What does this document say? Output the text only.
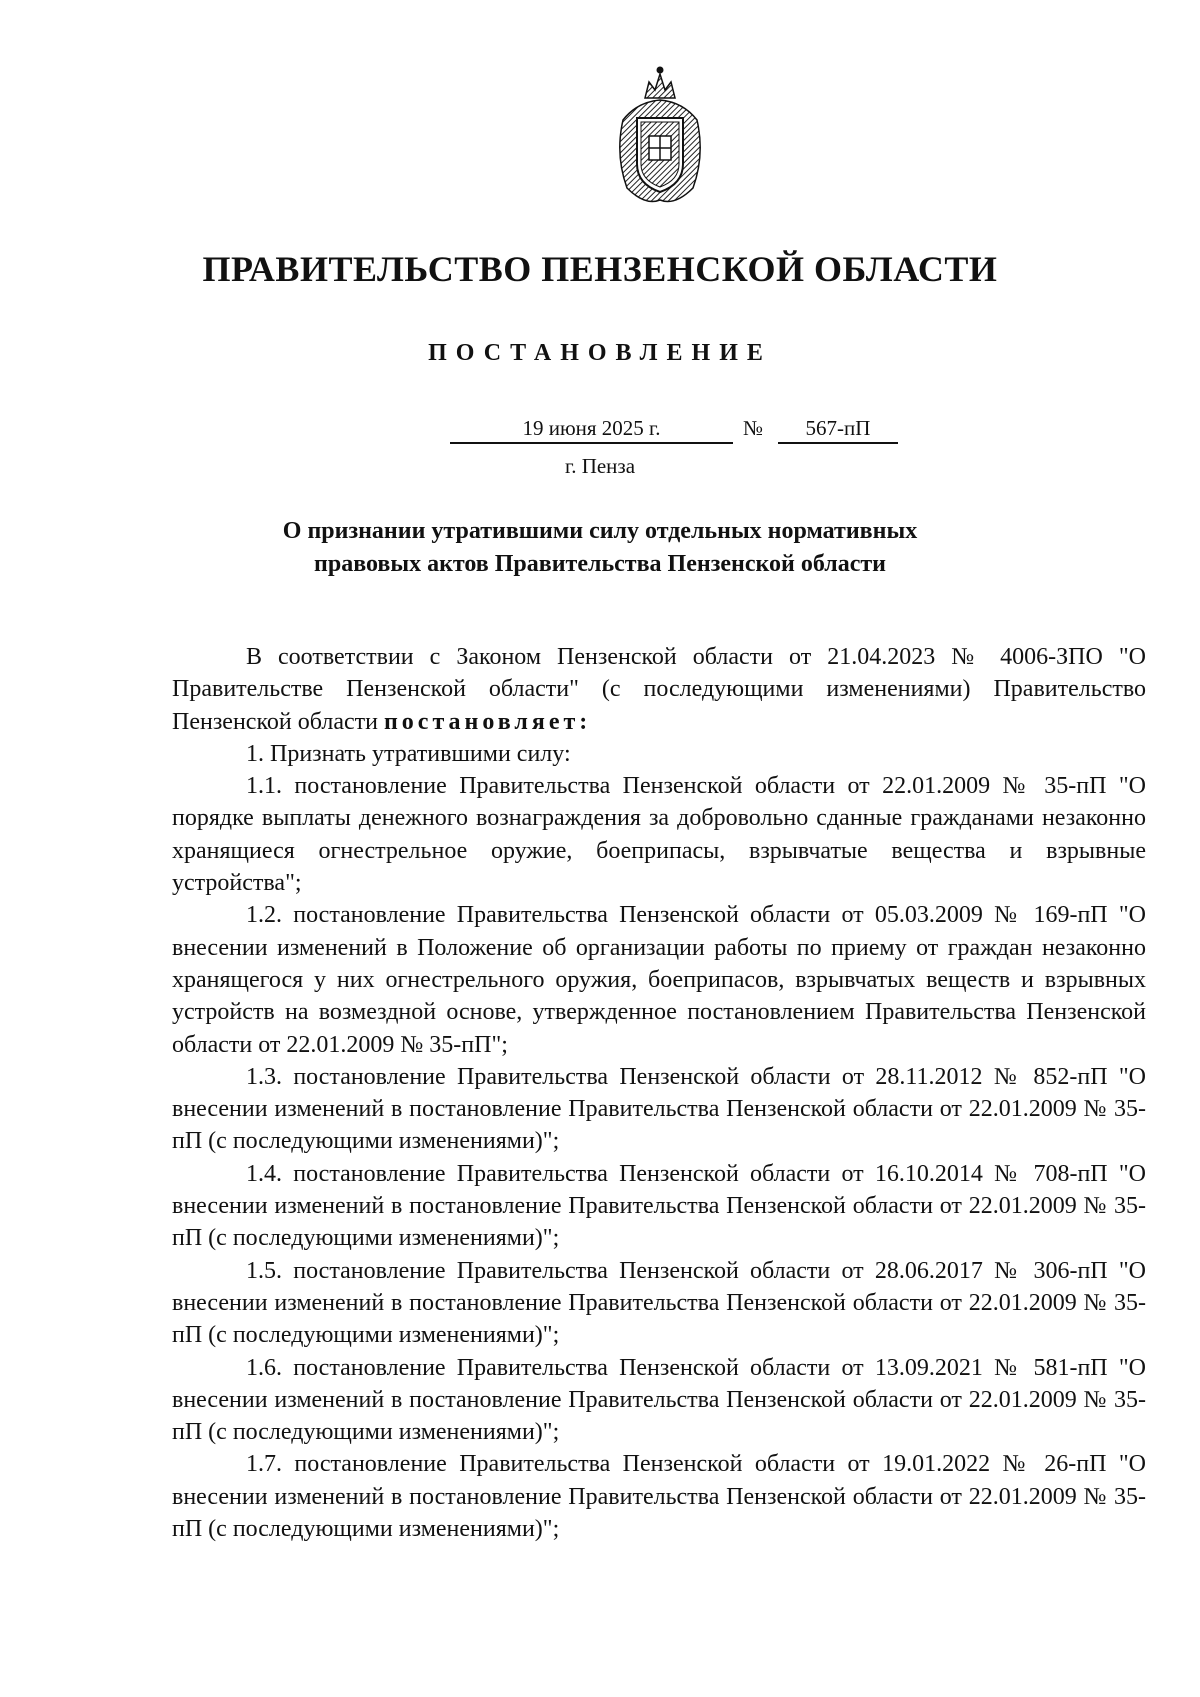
ПРАВИТЕЛЬСТВО ПЕНЗЕНСКОЙ ОБЛАСТИ
ПОСТАНОВЛЕНИЕ
19 июня 2025 г.	№	567-пП
г. Пенза
О признании утратившими силу отдельных нормативных
правовых актов Правительства Пензенской области

В соответствии с Законом Пензенской области от 21.04.2023 № 4006-ЗПО "О Правительстве Пензенской области" (с последующими изменениями) Правительство Пензенской области постановляет:

1. Признать утратившими силу:

1.1. постановление Правительства Пензенской области от 22.01.2009 № 35-пП "О порядке выплаты денежного вознаграждения за добровольно сданные гражданами незаконно хранящиеся огнестрельное оружие, боеприпасы, взрывчатые вещества и взрывные устройства";

1.2. постановление Правительства Пензенской области от 05.03.2009 № 169-пП "О внесении изменений в Положение об организации работы по приему от граждан незаконно хранящегося у них огнестрельного оружия, боеприпасов, взрывчатых веществ и взрывных устройств на возмездной основе, утвержденное постановлением Правительства Пензенской области от 22.01.2009 № 35-пП";

1.3. постановление Правительства Пензенской области от 28.11.2012 № 852-пП "О внесении изменений в постановление Правительства Пензенской области от 22.01.2009 № 35-пП (с последующими изменениями)";

1.4. постановление Правительства Пензенской области от 16.10.2014 № 708-пП "О внесении изменений в постановление Правительства Пензенской области от 22.01.2009 № 35-пП (с последующими изменениями)";

1.5. постановление Правительства Пензенской области от 28.06.2017 № 306-пП "О внесении изменений в постановление Правительства Пензенской области от 22.01.2009 № 35-пП (с последующими изменениями)";

1.6. постановление Правительства Пензенской области от 13.09.2021 № 581-пП "О внесении изменений в постановление Правительства Пензенской области от 22.01.2009 № 35-пП (с последующими изменениями)";

1.7. постановление Правительства Пензенской области от 19.01.2022 № 26-пП "О внесении изменений в постановление Правительства Пензенской области от 22.01.2009 № 35-пП (с последующими изменениями)";
